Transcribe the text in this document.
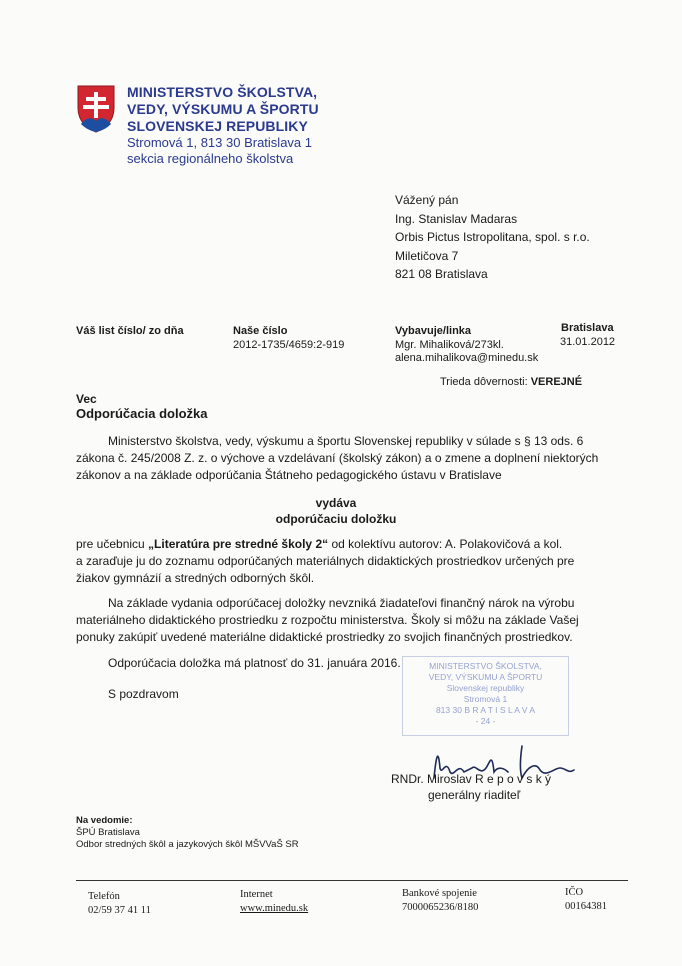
MINISTERSTVO ŠKOLSTVA,
VEDY, VÝSKUMU A ŠPORTU
SLOVENSKEJ REPUBLIKY
Stromová 1, 813 30 Bratislava 1
sekcia regionálneho školstva
Vážený pán
Ing. Stanislav Madaras
Orbis Pictus Istropolitana, spol. s r.o.
Miletičova 7
821 08 Bratislava
Váš list číslo/ zo dňa	Naše číslo
2012-1735/4659:2-919
Vybavuje/linka
Mgr. Mihaliková/273kl.
alena.mihalikova@minedu.sk
Bratislava
31.01.2012
Trieda dôvernosti: VEREJNÉ
Vec
Odporúčacia doložka
Ministerstvo školstva, vedy, výskumu a športu Slovenskej republiky v súlade s § 13 ods. 6
zákona č. 245/2008 Z. z. o výchove a vzdelávaní (školský zákon) a o zmene a doplnení niektorých
zákonov a na základe odporúčania Štátneho pedagogického ústavu v Bratislave
vydáva
odporúčaciu doložku
pre učebnicu „Literatúra pre stredné školy 2“ od kolektívu autorov: A. Polakovičová a kol.
a zaraďuje ju do zoznamu odporúčaných materiálnych didaktických prostriedkov určených pre
žiakov gymnázií a stredných odborných škôl.
Na základe vydania odporúčacej doložky nevzniká žiadateľovi finančný nárok na výrobu
materiálneho didaktického prostriedku z rozpočtu ministerstva. Školy si môžu na základe Vašej
ponuky zakúpiť uvedené materiálne didaktické prostriedky zo svojich finančných prostriedkov.
Odporúčacia doložka má platnosť do 31. januára 2016.
S pozdravom
MINISTERSTVO ŠKOLSTVA,
VEDY, VÝSKUMU A ŠPORTU
Slovenskej republiky
Stromová 1
813 30 B R A T I S L A V A
- 24 -
RNDr. Miroslav R e p o v s k ý
generálny riaditeľ
Na vedomie:
ŠPÚ Bratislava
Odbor stredných škôl a jazykových škôl MŠVVaŠ SR
Telefón
02/59 37 41 11
Internet
www.minedu.sk
Bankové spojenie
7000065236/8180
IČO
00164381
